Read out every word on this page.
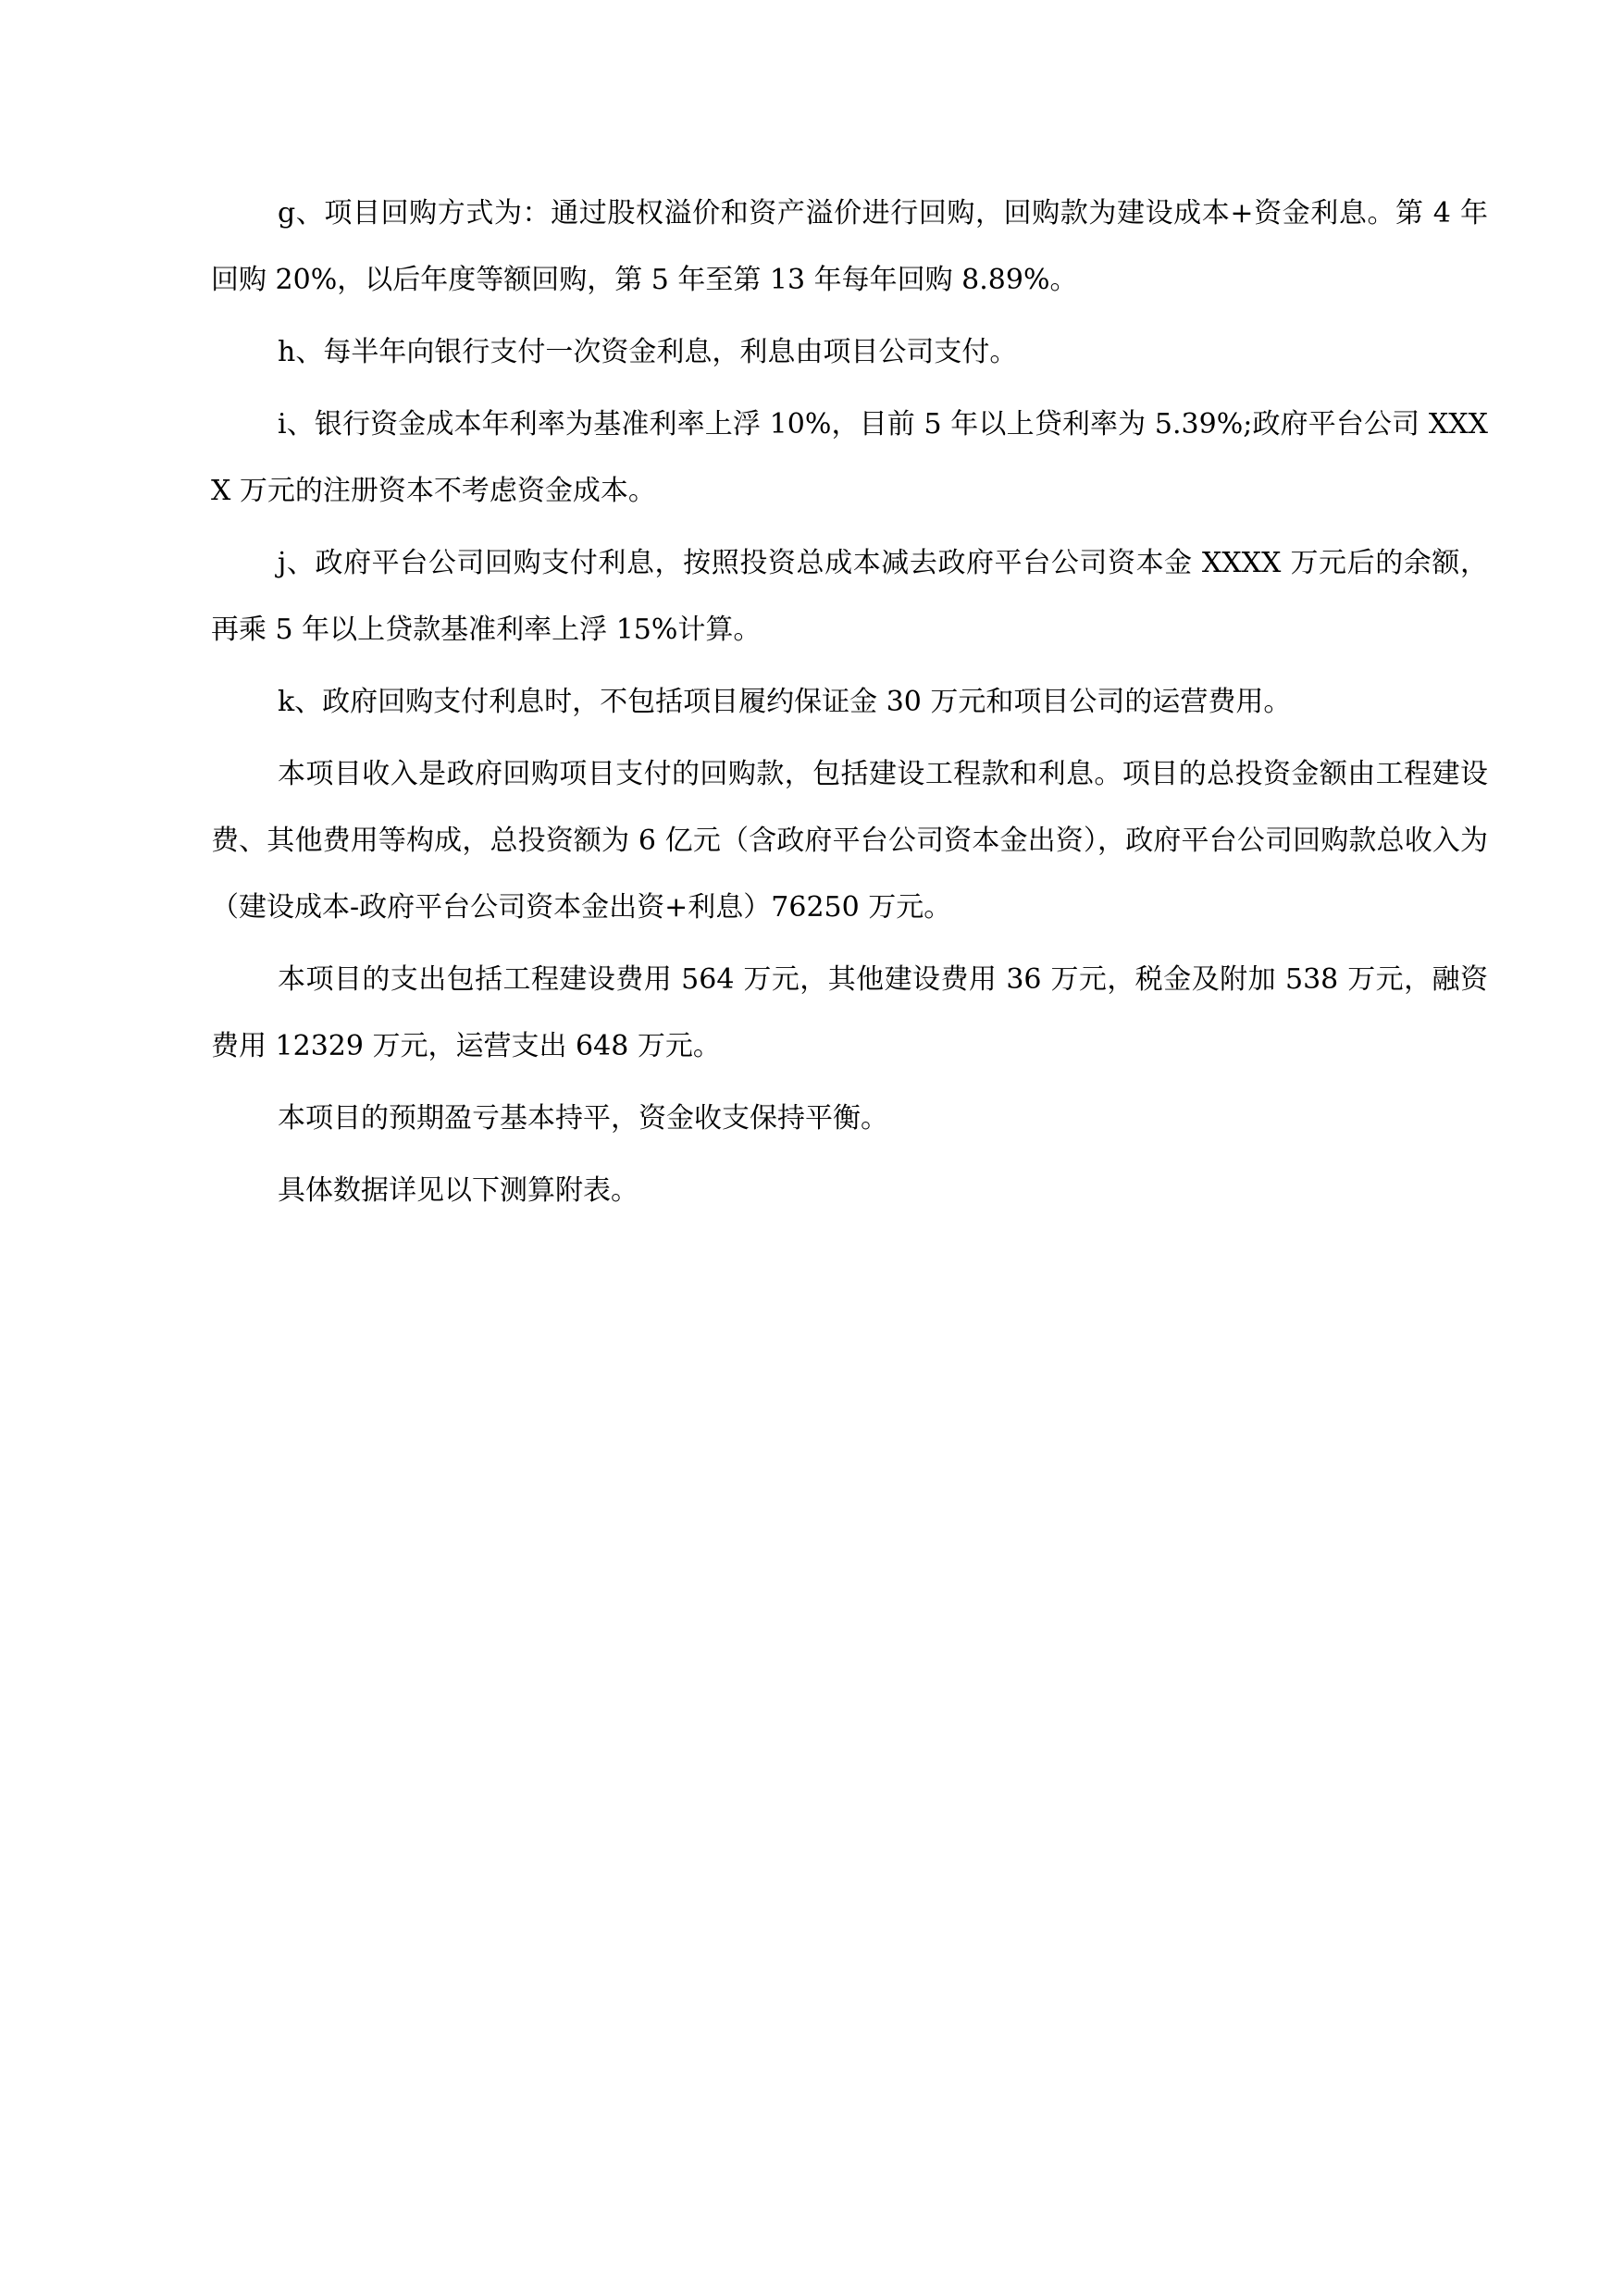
g、项目回购方式为：通过股权溢价和资产溢价进行回购，回购款为建设成本+资金利息。第 4 年回购 20%，以后年度等额回购，第 5 年至第 13 年每年回购 8.89%。

h、每半年向银行支付一次资金利息，利息由项目公司支付。

i、银行资金成本年利率为基准利率上浮 10%，目前 5 年以上贷利率为 5.39%;政府平台公司 XXXX 万元的注册资本不考虑资金成本。

j、政府平台公司回购支付利息，按照投资总成本减去政府平台公司资本金 XXXX 万元后的余额，再乘 5 年以上贷款基准利率上浮 15%计算。

k、政府回购支付利息时，不包括项目履约保证金 30 万元和项目公司的运营费用。

本项目收入是政府回购项目支付的回购款，包括建设工程款和利息。项目的总投资金额由工程建设费、其他费用等构成，总投资额为 6 亿元（含政府平台公司资本金出资），政府平台公司回购款总收入为（建设成本-政府平台公司资本金出资+利息）76250 万元。

本项目的支出包括工程建设费用 564 万元，其他建设费用 36 万元，税金及附加 538 万元，融资费用 12329 万元，运营支出 648 万元。

本项目的预期盈亏基本持平，资金收支保持平衡。

具体数据详见以下测算附表。
